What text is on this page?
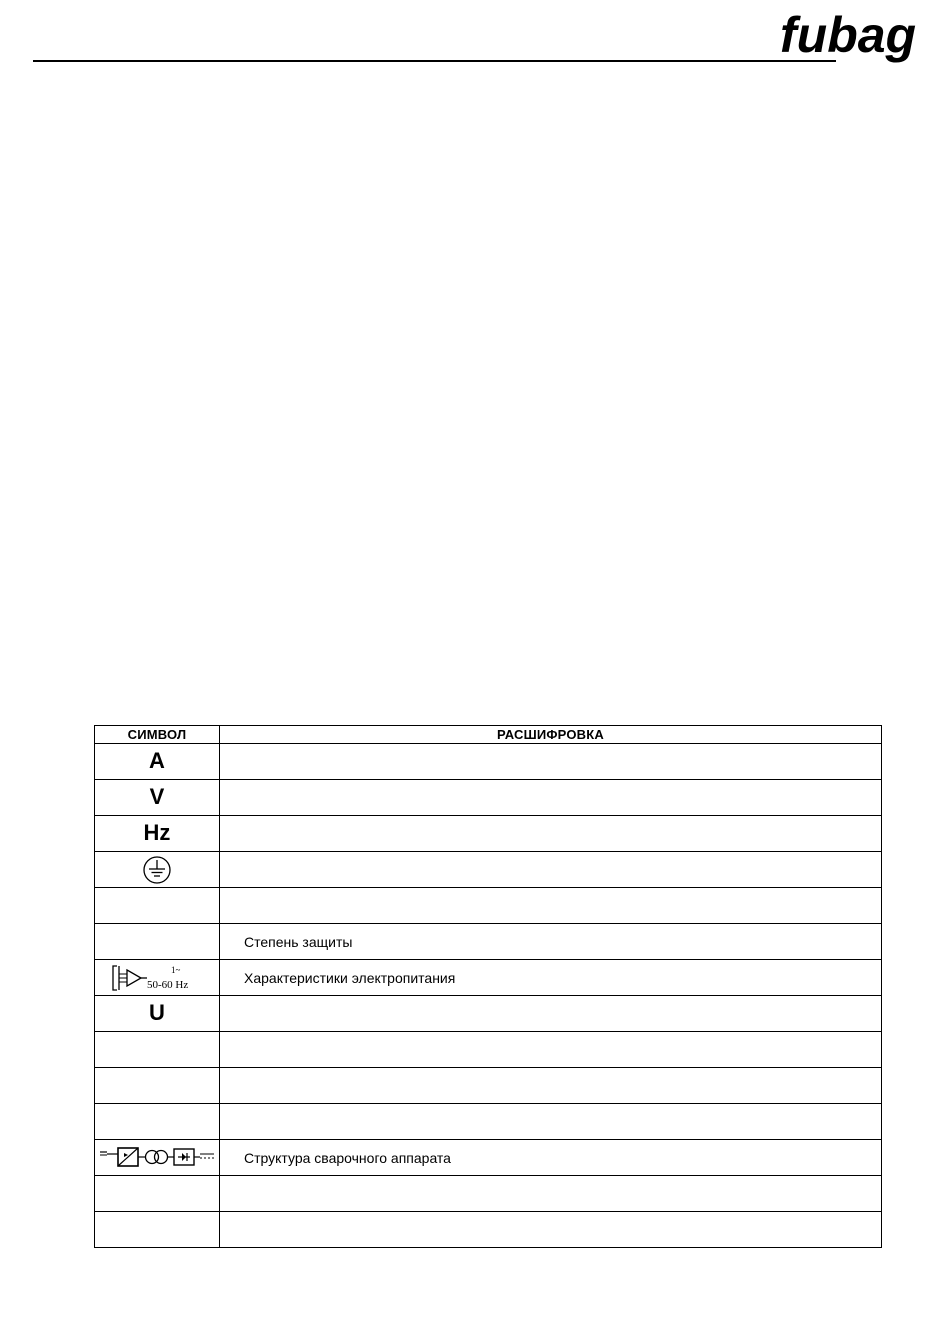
fubag
СИМВОЛ	РАСШИФРОВКА
A	
V	
Hz	

	Степень защиты

1~
50-60 Hz	Характеристики электропитания
U	

	Структура сварочного аппарата
